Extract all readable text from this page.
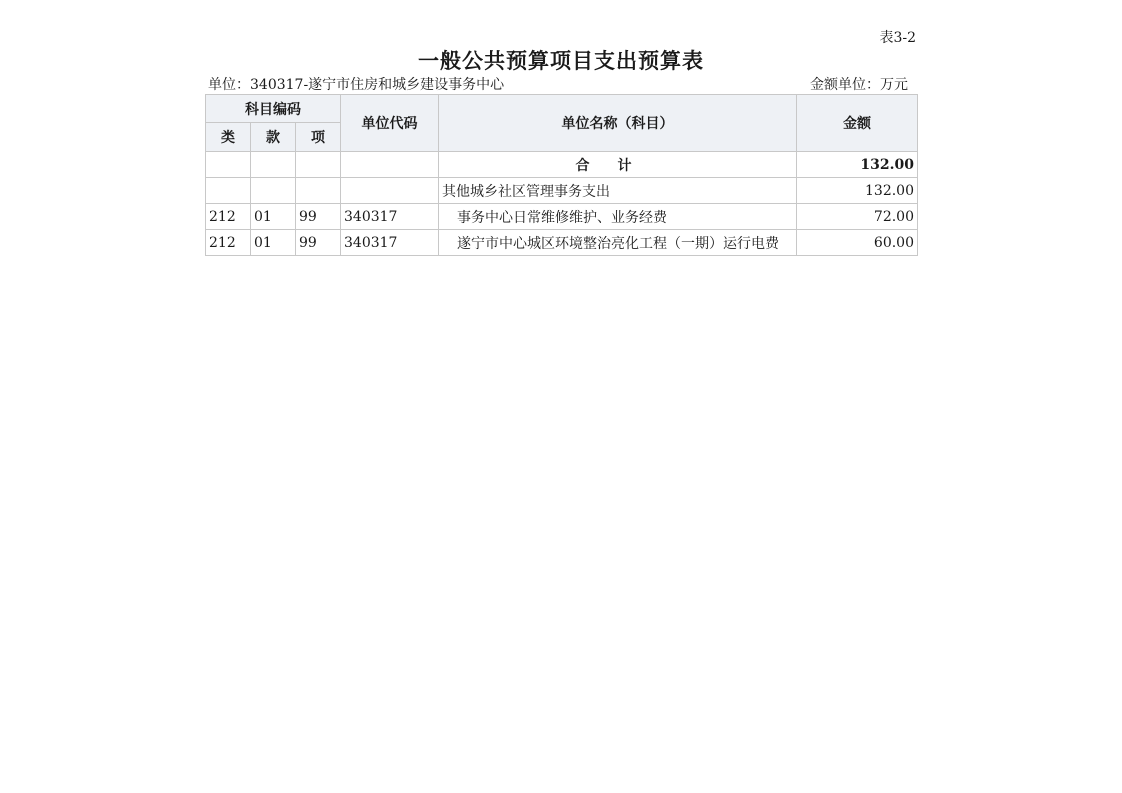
表3-2
一般公共预算项目支出预算表
单位：340317-遂宁市住房和城乡建设事务中心	金额单位：万元
科目编码			单位代码	单位名称（科目）	金额
类	款	项			
				合计	132.00
				其他城乡社区管理事务支出	132.00
212	01	99	340317	事务中心日常维修维护、业务经费	72.00
212	01	99	340317	遂宁市中心城区环境整治亮化工程（一期）运行电费	60.00
